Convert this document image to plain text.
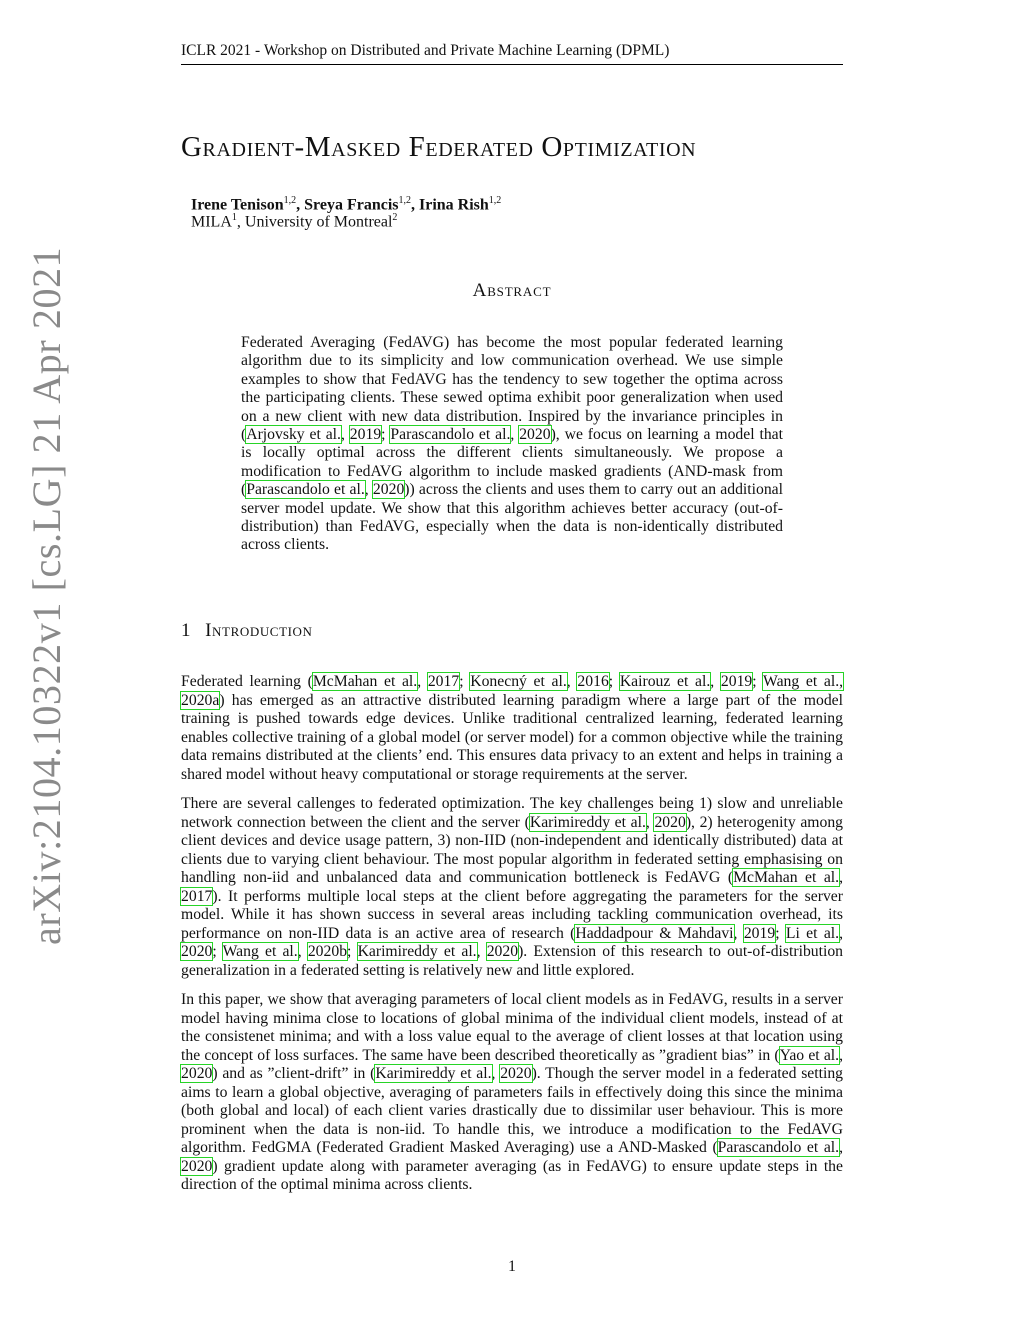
ICLR 2021 - Workshop on Distributed and Private Machine Learning (DPML)
arXiv:2104.10322v1 [cs.LG] 21 Apr 2021
Gradient-Masked Federated Optimization
Irene Tenison$^{1,2}$, Sreya Francis$^{1,2}$, Irina Rish$^{1,2}$
MILA$^1$, University of Montreal$^2$
Abstract
Federated Averaging (FedAVG) has become the most popular federated learning algorithm due to its simplicity and low communication overhead. We use simple examples to show that FedAVG has the tendency to sew together the optima across the participating clients. These sewed optima exhibit poor generalization when used on a new client with new data distribution. Inspired by the invariance principles in (Arjovsky et al., 2019; Parascandolo et al., 2020), we focus on learning a model that is locally optimal across the different clients simultaneously. We propose a modification to FedAVG algorithm to include masked gradients (AND-mask from (Parascandolo et al., 2020)) across the clients and uses them to carry out an additional server model update. We show that this algorithm achieves better accuracy (out-of-distribution) than FedAVG, especially when the data is non-identically distributed across clients.
1 Introduction

Federated learning (McMahan et al., 2017; Konecný et al., 2016; Kairouz et al., 2019; Wang et al., 2020a) has emerged as an attractive distributed learning paradigm where a large part of the model training is pushed towards edge devices. Unlike traditional centralized learning, federated learning enables collective training of a global model (or server model) for a common objective while the training data remains distributed at the clients’ end. This ensures data privacy to an extent and helps in training a shared model without heavy computational or storage requirements at the server.

There are several callenges to federated optimization. The key challenges being 1) slow and unreliable network connection between the client and the server (Karimireddy et al., 2020), 2) heterogenity among client devices and device usage pattern, 3) non-IID (non-independent and identically distributed) data at clients due to varying client behaviour. The most popular algorithm in federated setting emphasising on handling non-iid and unbalanced data and communication bottleneck is FedAVG (McMahan et al., 2017). It performs multiple local steps at the client before aggregating the parameters for the server model. While it has shown success in several areas including tackling communication overhead, its performance on non-IID data is an active area of research (Haddadpour & Mahdavi, 2019; Li et al., 2020; Wang et al., 2020b; Karimireddy et al., 2020). Extension of this research to out-of-distribution generalization in a federated setting is relatively new and little explored.

In this paper, we show that averaging parameters of local client models as in FedAVG, results in a server model having minima close to locations of global minima of the individual client models, instead of at the consistenet minima; and with a loss value equal to the average of client losses at that location using the concept of loss surfaces. The same have been described theoretically as ”gradient bias” in (Yao et al., 2020) and as ”client-drift” in (Karimireddy et al., 2020). Though the server model in a federated setting aims to learn a global objective, averaging of parameters fails in effectively doing this since the minima (both global and local) of each client varies drastically due to dissimilar user behaviour. This is more prominent when the data is non-iid. To handle this, we introduce a modification to the FedAVG algorithm. FedGMA (Federated Gradient Masked Averaging) use a AND-Masked (Parascandolo et al., 2020) gradient update along with parameter averaging (as in FedAVG) to ensure update steps in the direction of the optimal minima across clients.

1
